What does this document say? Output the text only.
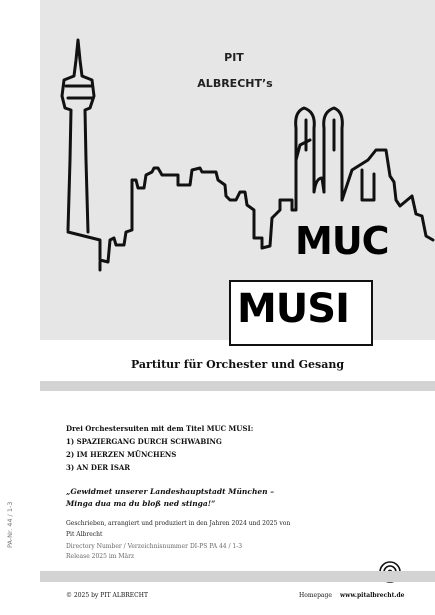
PIT
ALBRECHT’s
MUC
MUSI
Partitur für Orchester und Gesang
Drei Orchestersuiten mit dem Titel MUC MUSI:
1) SPAZIERGANG DURCH SCHWABING
2) IM HERZEN MÜNCHENS
3) AN DER ISAR
„Gewidmet unserer Landeshauptstadt München –
Minga dua ma du bloß ned stinga!“
Geschrieben, arrangiert und produziert in den Jahren 2024 und 2025 von
Pit Albrecht
Directory Number / Verzeichnisnummer DI-PS PA 44 / 1-3
Release 2025 im März
PA-Nr. 44 / 1-3
© 2025 by PIT ALBRECHT	Homepage www.pitalbrecht.de
